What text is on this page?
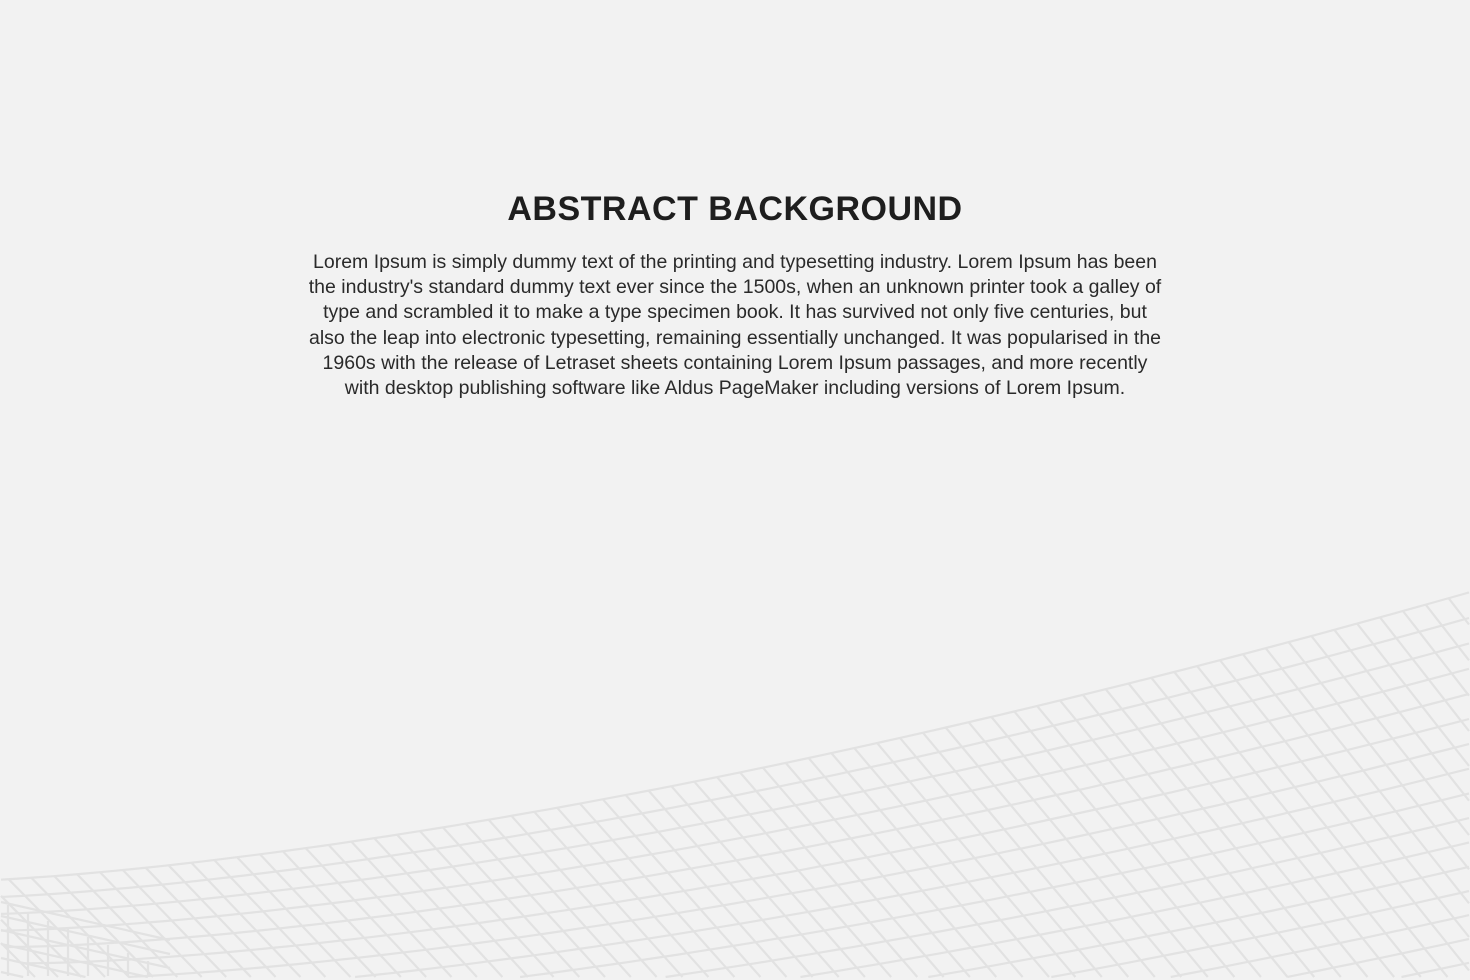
ABSTRACT BACKGROUND

Lorem Ipsum is simply dummy text of the printing and typesetting industry. Lorem Ipsum has been the industry's standard dummy text ever since the 1500s, when an unknown printer took a galley of type and scrambled it to make a type specimen book. It has survived not only five centuries, but also the leap into electronic typesetting, remaining essentially unchanged. It was popularised in the 1960s with the release of Letraset sheets containing Lorem Ipsum passages, and more recently with desktop publishing software like Aldus PageMaker including versions of Lorem Ipsum.
